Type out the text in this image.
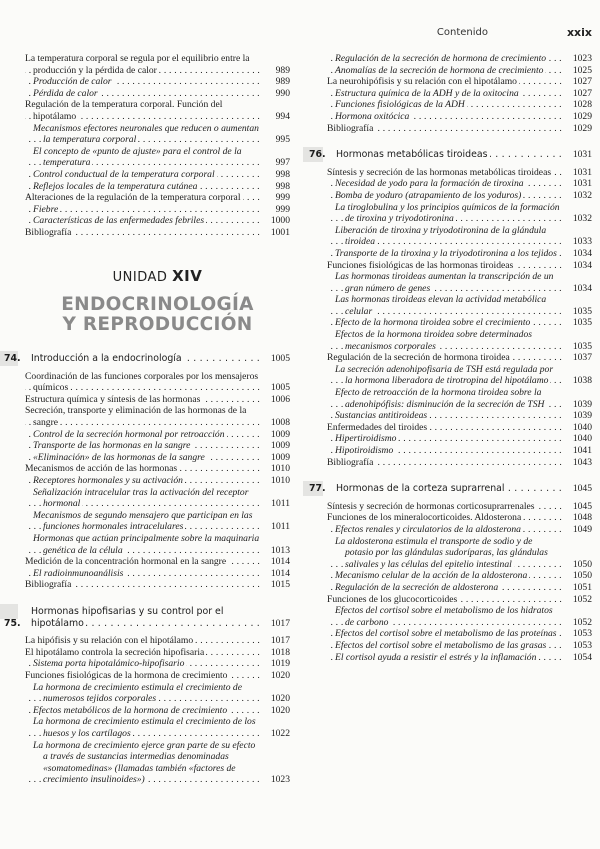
Contenido	xxix
La temperatura corporal se regula por el equilibrio entre la producción y la pérdida de calor . . .	989
Producción de calor . . .	989
Pérdida de calor . . .	990
Regulación de la temperatura corporal. Función del hipotálamo . . .	994
Mecanismos efectores neuronales que reducen o aumentan la temperatura corporal . . .	995
El concepto de «punto de ajuste» para el control de la temperatura . . .	997
Control conductual de la temperatura corporal . . .	998
Reflejos locales de la temperatura cutánea . . .	998
Alteraciones de la regulación de la temperatura corporal . . .	999
Fiebre . . .	999
Características de las enfermedades febriles . . .	1000
Bibliografía . . .	1001
UNIDAD XIV
ENDOCRINOLOGÍA
Y REPRODUCCIÓN
74.	Introducción a la endocrinología . . .	1005
Coordinación de las funciones corporales por los mensajeros químicos . . .	1005
Estructura química y síntesis de las hormonas . . .	1006
Secreción, transporte y eliminación de las hormonas de la sangre . . .	1008
Control de la secreción hormonal por retroacción . . .	1009
Transporte de las hormonas en la sangre . . .	1009
«Eliminación» de las hormonas de la sangre . . .	1009
Mecanismos de acción de las hormonas . . .	1010
Receptores hormonales y su activación . . .	1010
Señalización intracelular tras la activación del receptor hormonal . . .	1011
Mecanismos de segundo mensajero que participan en las funciones hormonales intracelulares . . .	1011
Hormonas que actúan principalmente sobre la maquinaria genética de la célula . . .	1013
Medición de la concentración hormonal en la sangre . . .	1014
El radioinmunoanálisis . . .	1014
Bibliografía . . .	1015
75.
Hormonas hipofisarias y su control por el hipotálamo . . .	1017
La hipófisis y su relación con el hipotálamo . . .	1017
El hipotálamo controla la secreción hipofisaria . . .	1018
Sistema porta hipotalámico-hipofisario . . .	1019
Funciones fisiológicas de la hormona de crecimiento . . .	1020
La hormona de crecimiento estimula el crecimiento de numerosos tejidos corporales . . .	1020
Efectos metabólicos de la hormona de crecimiento . . .	1020
La hormona de crecimiento estimula el crecimiento de los huesos y los cartílagos . . .	1022
La hormona de crecimiento ejerce gran parte de su efecto a través de sustancias intermedias denominadas «somatomedinas» (llamadas también «factores de crecimiento insulinoides») . . .	1023
Regulación de la secreción de hormona de crecimiento . . .	1023
Anomalías de la secreción de hormona de crecimiento . . .	1025
La neurohipófisis y su relación con el hipotálamo . . .	1027
Estructura química de la ADH y de la oxitocina . . .	1027
Funciones fisiológicas de la ADH . . .	1028
Hormona oxitócica . . .	1029
Bibliografía . . .	1029
76.	Hormonas metabólicas tiroideas . . .	1031
Síntesis y secreción de las hormonas metabólicas tiroideas . . .	1031
Necesidad de yodo para la formación de tiroxina . . .	1031
Bomba de yoduro (atrapamiento de los yoduros) . . .	1032
La tiroglobulina y los principios químicos de la formación de tiroxina y triyodotironina . . .	1032
Liberación de tiroxina y triyodotironina de la glándula tiroidea . . .	1033
Transporte de la tiroxina y la triyodotironina a los tejidos . . .	1034
Funciones fisiológicas de las hormonas tiroideas . . .	1034
Las hormonas tiroideas aumentan la transcripción de un gran número de genes . . .	1034
Las hormonas tiroideas elevan la actividad metabólica celular . . .	1035
Efecto de la hormona tiroidea sobre el crecimiento . . .	1035
Efectos de la hormona tiroidea sobre determinados mecanismos corporales . . .	1035
Regulación de la secreción de hormona tiroidea . . .	1037
La secreción adenohipofisaria de TSH está regulada por la hormona liberadora de tirotropina del hipotálamo . . .	1038
Efecto de retroacción de la hormona tiroidea sobre la adenohipófisis: disminución de la secreción de TSH . . .	1039
Sustancias antitiroideas . . .	1039
Enfermedades del tiroides . . .	1040
Hipertiroidismo . . .	1040
Hipotiroidismo . . .	1041
Bibliografía . . .	1043
77.	Hormonas de la corteza suprarrenal . . .	1045
Síntesis y secreción de hormonas corticosuprarrenales . . .	1045
Funciones de los mineralocorticoides. Aldosterona . . .	1048
Efectos renales y circulatorios de la aldosterona . . .	1049
La aldosterona estimula el transporte de sodio y de potasio por las glándulas sudoríparas, las glándulas salivales y las células del epitelio intestinal . . .	1050
Mecanismo celular de la acción de la aldosterona . . .	1050
Regulación de la secreción de aldosterona . . .	1051
Funciones de los glucocorticoides . . .	1052
Efectos del cortisol sobre el metabolismo de los hidratos de carbono . . .	1052
Efectos del cortisol sobre el metabolismo de las proteínas . . .	1053
Efectos del cortisol sobre el metabolismo de las grasas . . .	1053
El cortisol ayuda a resistir el estrés y la inflamación . . .	1054
